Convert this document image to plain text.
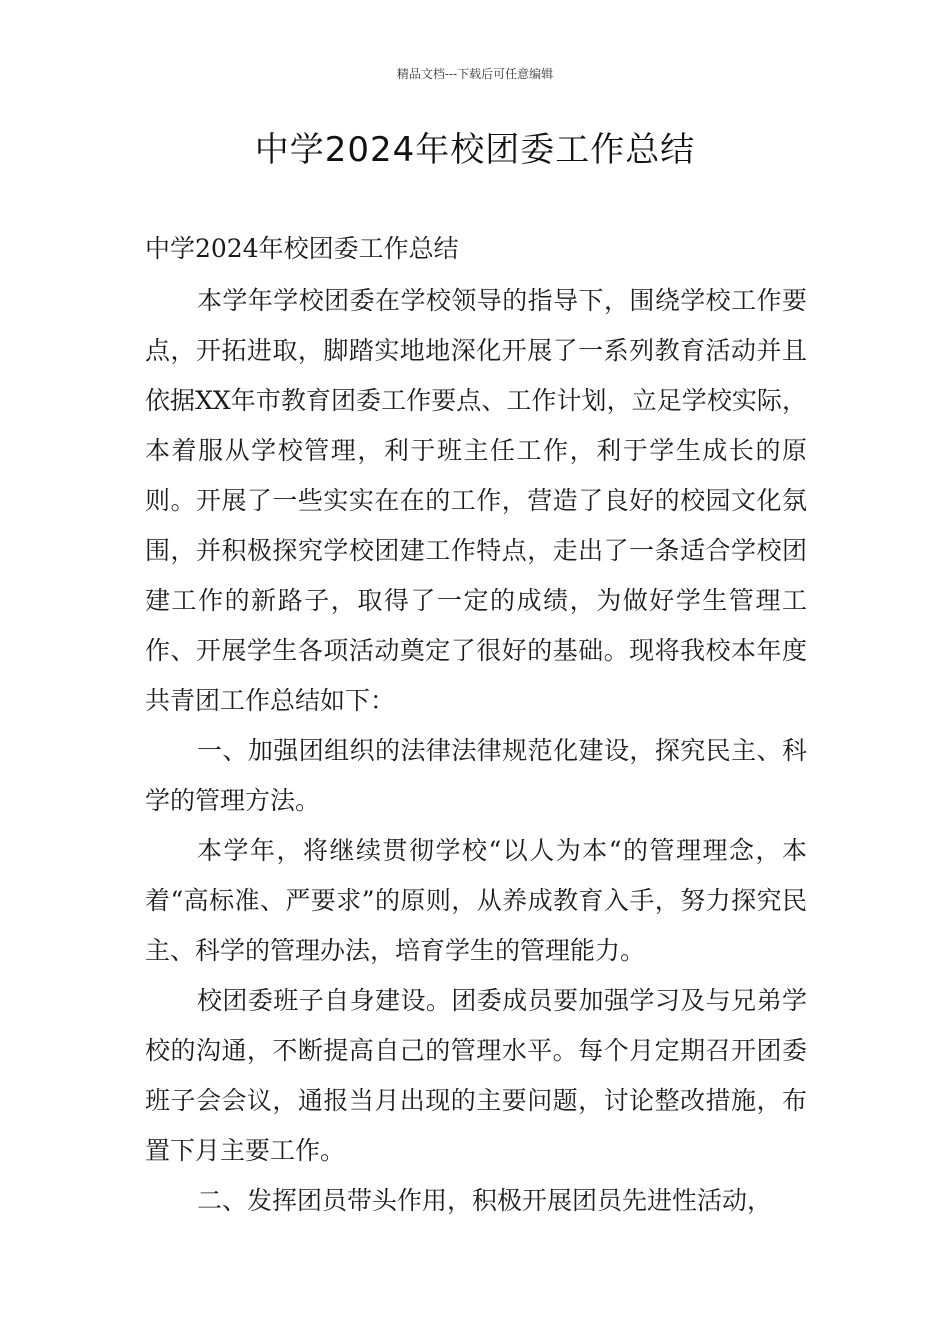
精品文档---下载后可任意编辑
中学2024年校团委工作总结

中学2024年校团委工作总结

本学年学校团委在学校领导的指导下，围绕学校工作要点，开拓进取，脚踏实地地深化开展了一系列教育活动并且依据XX年市教育团委工作要点、工作计划，立足学校实际，本着服从学校管理，利于班主任工作，利于学生成长的原则。开展了一些实实在在的工作，营造了良好的校园文化氛围，并积极探究学校团建工作特点，走出了一条适合学校团建工作的新路子，取得了一定的成绩，为做好学生管理工作、开展学生各项活动奠定了很好的基础。现将我校本年度共青团工作总结如下：

一、加强团组织的法律法律规范化建设，探究民主、科学的管理方法。

本学年，将继续贯彻学校“以人为本“的管理理念，本着“高标准、严要求”的原则，从养成教育入手，努力探究民主、科学的管理办法，培育学生的管理能力。

校团委班子自身建设。团委成员要加强学习及与兄弟学校的沟通，不断提高自己的管理水平。每个月定期召开团委班子会会议，通报当月出现的主要问题，讨论整改措施，布置下月主要工作。

二、发挥团员带头作用，积极开展团员先进性活动，
